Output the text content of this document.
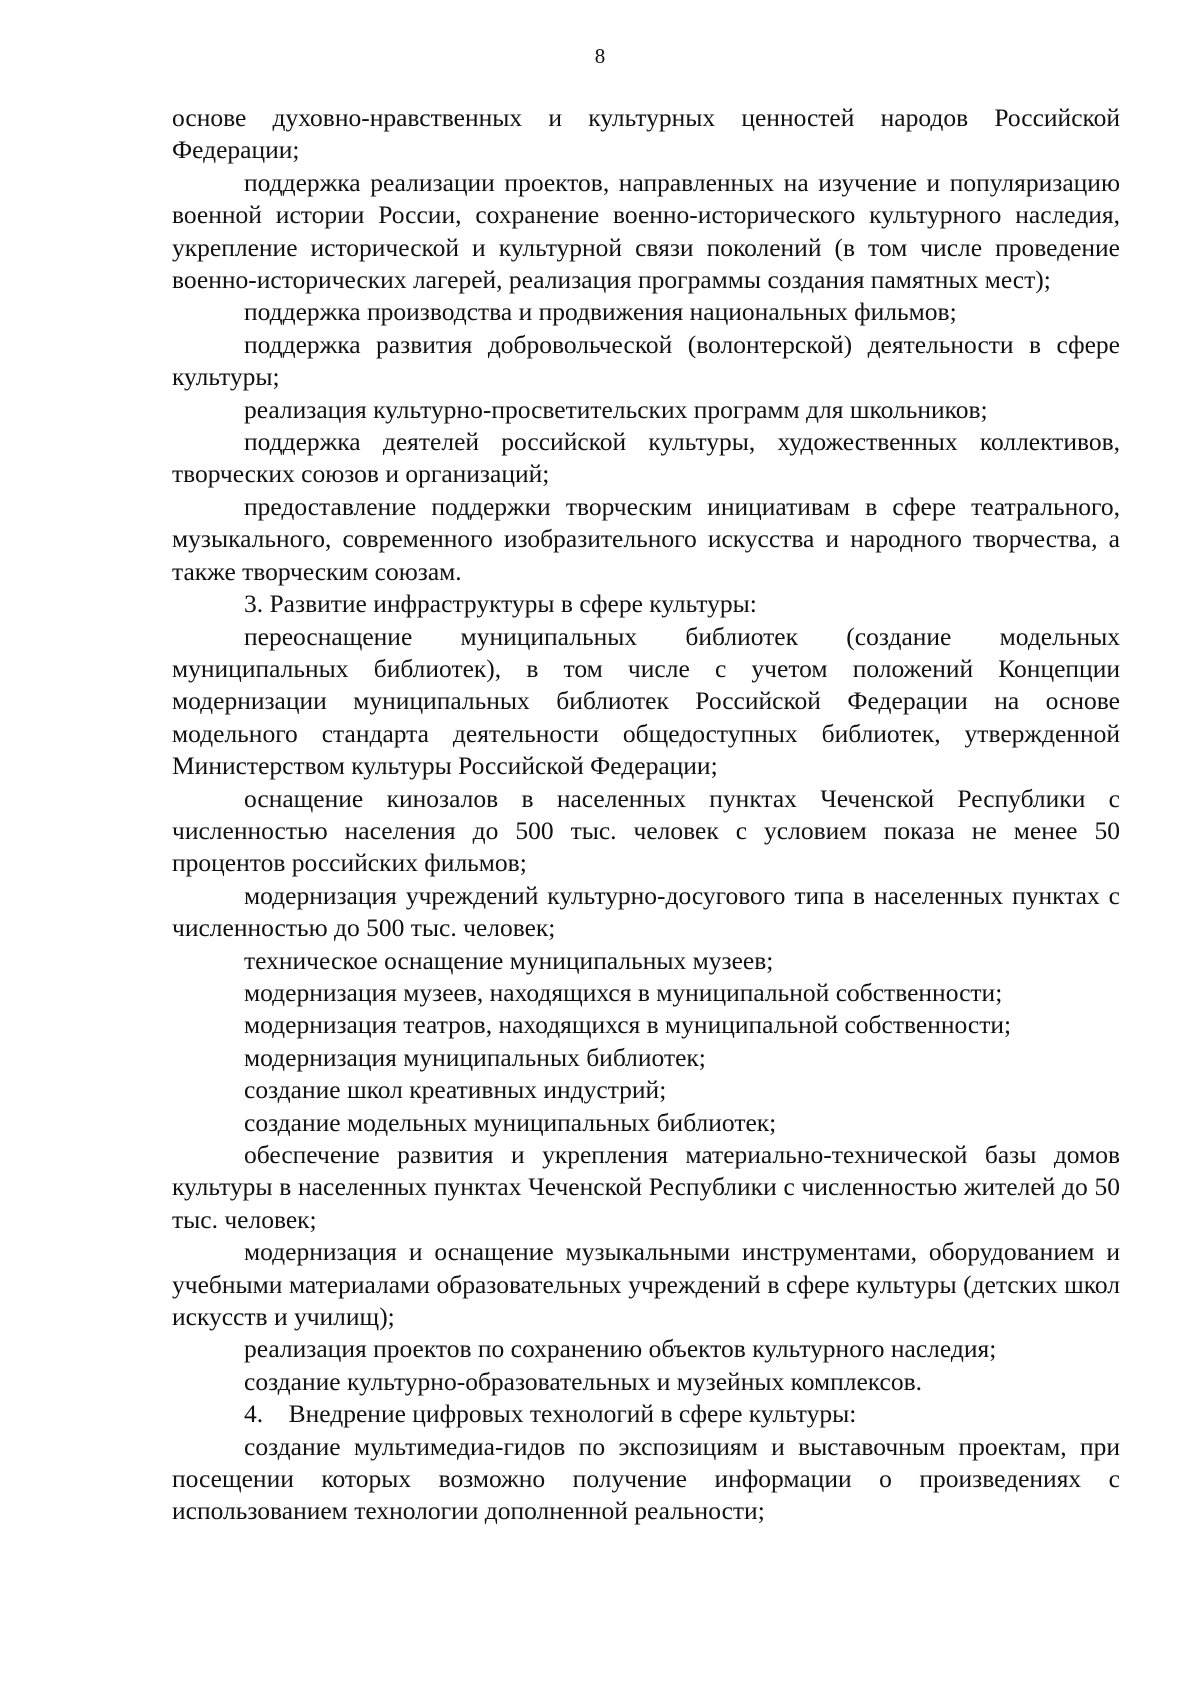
8

основе духовно-нравственных и культурных ценностей народов Российской Федерации;

поддержка реализации проектов, направленных на изучение и популяризацию военной истории России, сохранение военно-исторического культурного наследия, укрепление исторической и культурной связи поколений (в том числе проведение военно-исторических лагерей, реализация программы создания памятных мест);

поддержка производства и продвижения национальных фильмов;

поддержка развития добровольческой (волонтерской) деятельности в сфере культуры;

реализация культурно-просветительских программ для школьников;

поддержка деятелей российской культуры, художественных коллективов, творческих союзов и организаций;

предоставление поддержки творческим инициативам в сфере театрального, музыкального, современного изобразительного искусства и народного творчества, а также творческим союзам.

3. Развитие инфраструктуры в сфере культуры:

переоснащение муниципальных библиотек (создание модельных муниципальных библиотек), в том числе с учетом положений Концепции модернизации муниципальных библиотек Российской Федерации на основе модельного стандарта деятельности общедоступных библиотек, утвержденной Министерством культуры Российской Федерации;

оснащение кинозалов в населенных пунктах Чеченской Республики с численностью населения до 500 тыс. человек с условием показа не менее 50 процентов российских фильмов;

модернизация учреждений культурно-досугового типа в населенных пунктах с численностью до 500 тыс. человек;

техническое оснащение муниципальных музеев;

модернизация музеев, находящихся в муниципальной собственности;

модернизация театров, находящихся в муниципальной собственности;

модернизация муниципальных библиотек;

создание школ креативных индустрий;

создание модельных муниципальных библиотек;

обеспечение развития и укрепления материально-технической базы домов культуры в населенных пунктах Чеченской Республики с численностью жителей до 50 тыс. человек;

модернизация и оснащение музыкальными инструментами, оборудованием и учебными материалами образовательных учреждений в сфере культуры (детских школ искусств и училищ);

реализация проектов по сохранению объектов культурного наследия;

создание культурно-образовательных и музейных комплексов.

4.    Внедрение цифровых технологий в сфере культуры:

создание мультимедиа-гидов по экспозициям и выставочным проектам, при посещении которых возможно получение информации о произведениях с использованием технологии дополненной реальности;
